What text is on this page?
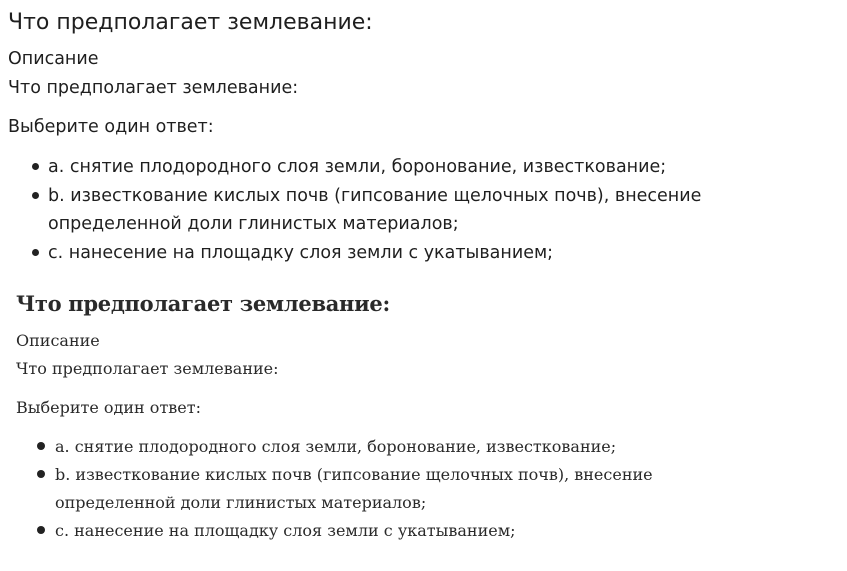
Что предполагает землевание:
Описание
Что предполагает землевание:
Выберите один ответ:
a. снятие плодородного слоя земли, боронование, известкование;
b. известкование кислых почв (гипсование щелочных почв), внесение определенной доли глинистых материалов;
c. нанесение на площадку слоя земли с укатыванием;
Что предполагает землевание:
Описание
Что предполагает землевание:
Выберите один ответ:
a. снятие плодородного слоя земли, боронование, известкование;
b. известкование кислых почв (гипсование щелочных почв), внесение определенной доли глинистых материалов;
c. нанесение на площадку слоя земли с укатыванием;
